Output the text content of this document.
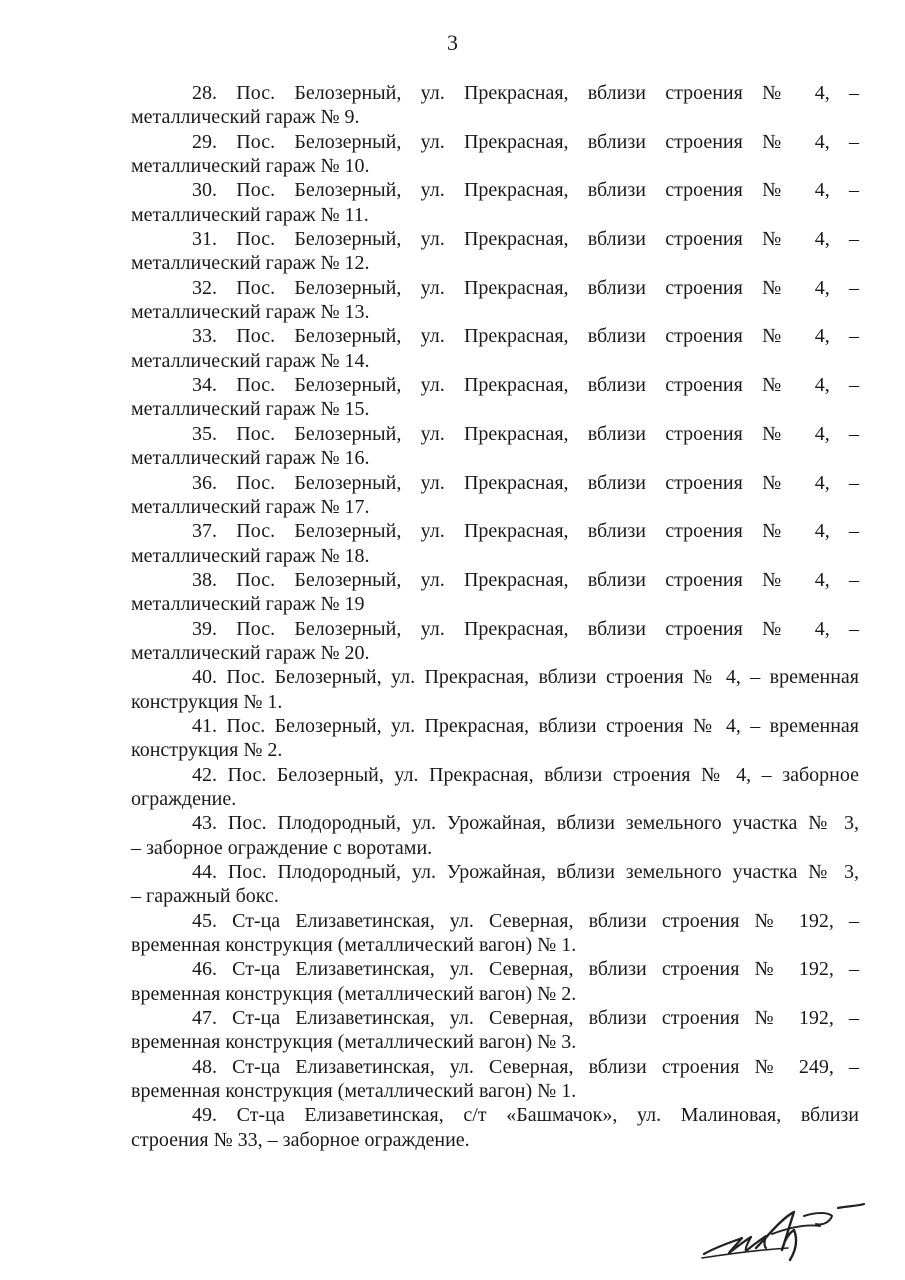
3
28. Пос. Белозерный, ул. Прекрасная, вблизи строения № 4, –
металлический гараж № 9.
29. Пос. Белозерный, ул. Прекрасная, вблизи строения № 4, –
металлический гараж № 10.
30. Пос. Белозерный, ул. Прекрасная, вблизи строения № 4, –
металлический гараж № 11.
31. Пос. Белозерный, ул. Прекрасная, вблизи строения № 4, –
металлический гараж № 12.
32. Пос. Белозерный, ул. Прекрасная, вблизи строения № 4, –
металлический гараж № 13.
33. Пос. Белозерный, ул. Прекрасная, вблизи строения № 4, –
металлический гараж № 14.
34. Пос. Белозерный, ул. Прекрасная, вблизи строения № 4, –
металлический гараж № 15.
35. Пос. Белозерный, ул. Прекрасная, вблизи строения № 4, –
металлический гараж № 16.
36. Пос. Белозерный, ул. Прекрасная, вблизи строения № 4, –
металлический гараж № 17.
37. Пос. Белозерный, ул. Прекрасная, вблизи строения № 4, –
металлический гараж № 18.
38. Пос. Белозерный, ул. Прекрасная, вблизи строения № 4, –
металлический гараж № 19
39. Пос. Белозерный, ул. Прекрасная, вблизи строения № 4, –
металлический гараж № 20.
40. Пос. Белозерный, ул. Прекрасная, вблизи строения № 4, – временная
конструкция № 1.
41. Пос. Белозерный, ул. Прекрасная, вблизи строения № 4, – временная
конструкция № 2.
42. Пос. Белозерный, ул. Прекрасная, вблизи строения № 4, – заборное
ограждение.
43. Пос. Плодородный, ул. Урожайная, вблизи земельного участка № 3,
– заборное ограждение с воротами.
44. Пос. Плодородный, ул. Урожайная, вблизи земельного участка № 3,
– гаражный бокс.
45. Ст-ца Елизаветинская, ул. Северная, вблизи строения № 192, –
временная конструкция (металлический вагон) № 1.
46. Ст-ца Елизаветинская, ул. Северная, вблизи строения № 192, –
временная конструкция (металлический вагон) № 2.
47. Ст-ца Елизаветинская, ул. Северная, вблизи строения № 192, –
временная конструкция (металлический вагон) № 3.
48. Ст-ца Елизаветинская, ул. Северная, вблизи строения № 249, –
временная конструкция (металлический вагон) № 1.
49. Ст-ца Елизаветинская, с/т «Башмачок», ул. Малиновая, вблизи
строения № 33, – заборное ограждение.
